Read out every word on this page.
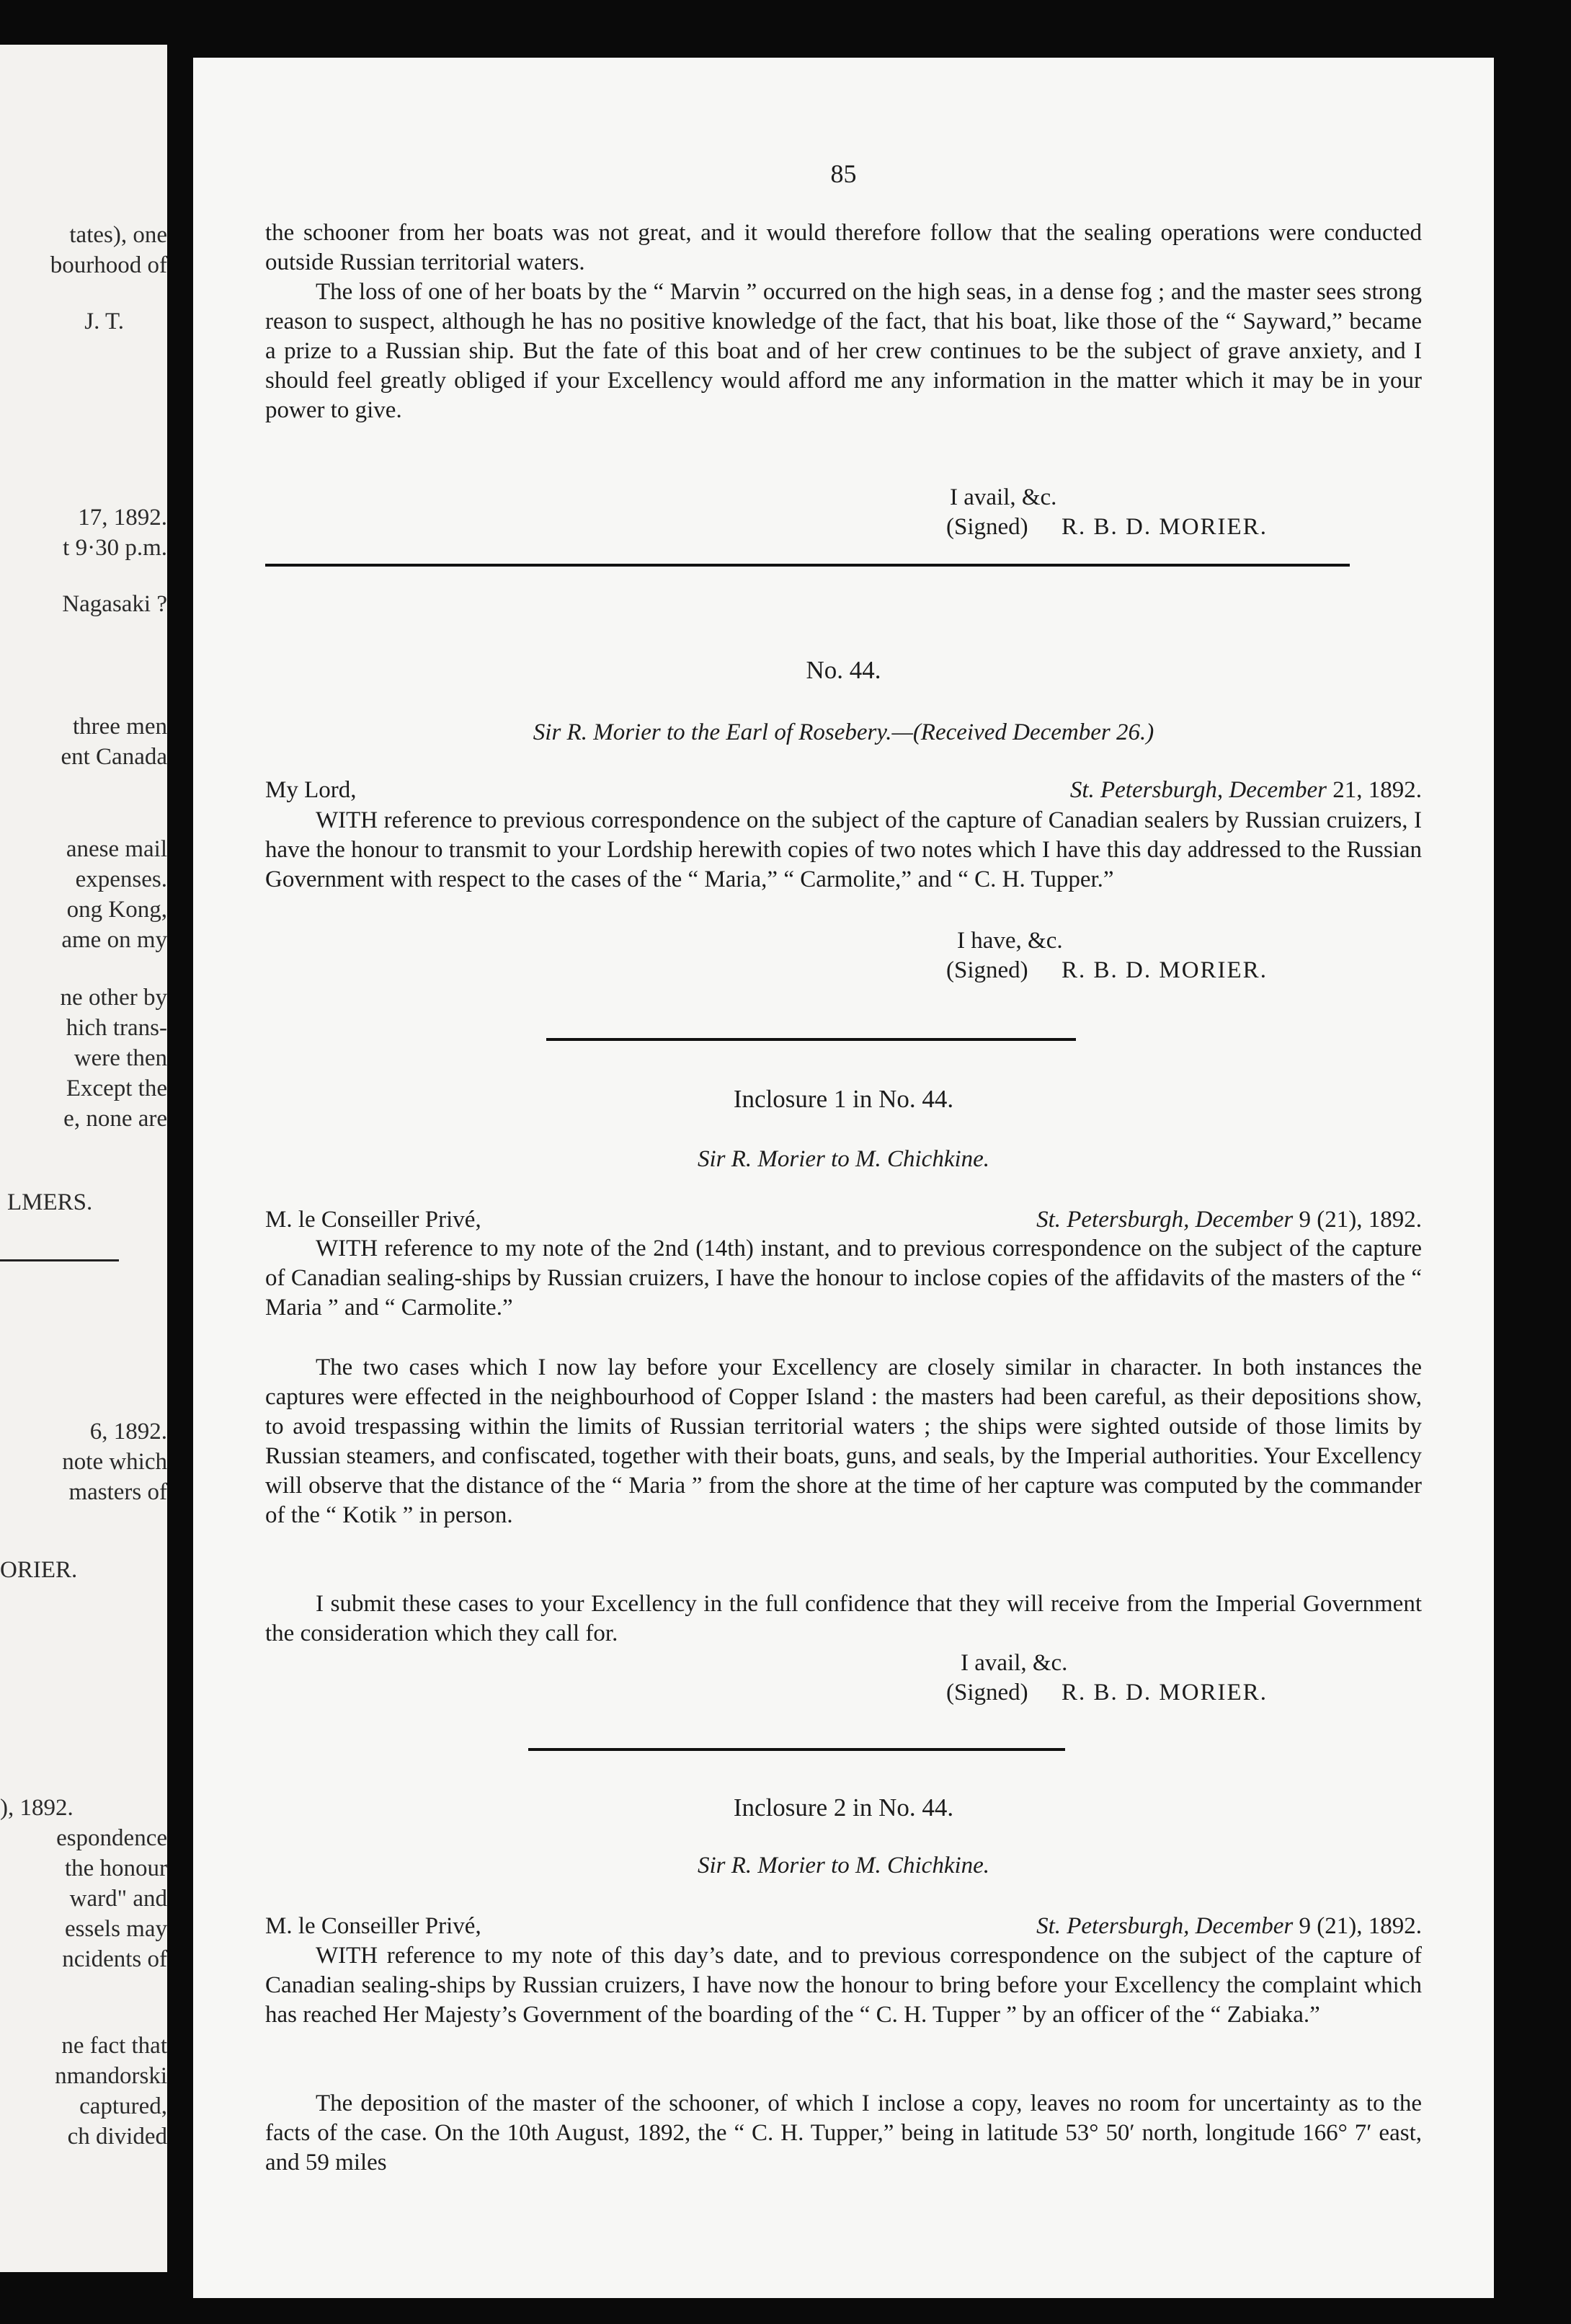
tates), one
bourhood of
J. T.
17, 1892.
t 9·30 p.m.
Nagasaki ?
three men
ent Canada
anese mail
expenses.
ong Kong,
ame on my
ne other by
hich trans-
were then
Except the
e, none are
LMERS.
6, 1892.
note which
masters of
ORIER.
), 1892.
espondence
the honour
ward" and
essels may
ncidents of
ne fact that
nmandorski
captured,
ch divided
85
the schooner from her boats was not great, and it would therefore follow that the sealing operations were conducted outside Russian territorial waters.
The loss of one of her boats by the “ Marvin ” occurred on the high seas, in a dense fog ; and the master sees strong reason to suspect, although he has no positive knowledge of the fact, that his boat, like those of the “ Sayward,” became a prize to a Russian ship. But the fate of this boat and of her crew continues to be the subject of grave anxiety, and I should feel greatly obliged if your Excellency would afford me any information in the matter which it may be in your power to give.
I avail, &c.
(Signed) R. B. D. MORIER.
No. 44.
Sir R. Morier to the Earl of Rosebery.—(Received December 26.)
My Lord,	St. Petersburgh, December 21, 1892.
WITH reference to previous correspondence on the subject of the capture of Canadian sealers by Russian cruizers, I have the honour to transmit to your Lordship herewith copies of two notes which I have this day addressed to the Russian Government with respect to the cases of the “ Maria,” “ Carmolite,” and “ C. H. Tupper.”
I have, &c.
(Signed) R. B. D. MORIER.
Inclosure 1 in No. 44.
Sir R. Morier to M. Chichkine.
M. le Conseiller Privé,	St. Petersburgh, December 9 (21), 1892.
WITH reference to my note of the 2nd (14th) instant, and to previous correspondence on the subject of the capture of Canadian sealing-ships by Russian cruizers, I have the honour to inclose copies of the affidavits of the masters of the “ Maria ” and “ Carmolite.”
The two cases which I now lay before your Excellency are closely similar in character. In both instances the captures were effected in the neighbourhood of Copper Island : the masters had been careful, as their depositions show, to avoid trespassing within the limits of Russian territorial waters ; the ships were sighted outside of those limits by Russian steamers, and confiscated, together with their boats, guns, and seals, by the Imperial authorities. Your Excellency will observe that the distance of the “ Maria ” from the shore at the time of her capture was computed by the commander of the “ Kotik ” in person.
I submit these cases to your Excellency in the full confidence that they will receive from the Imperial Government the consideration which they call for.
I avail, &c.
(Signed) R. B. D. MORIER.
Inclosure 2 in No. 44.
Sir R. Morier to M. Chichkine.
M. le Conseiller Privé,	St. Petersburgh, December 9 (21), 1892.
WITH reference to my note of this day’s date, and to previous correspondence on the subject of the capture of Canadian sealing-ships by Russian cruizers, I have now the honour to bring before your Excellency the complaint which has reached Her Majesty’s Government of the boarding of the “ C. H. Tupper ” by an officer of the “ Zabiaka.”
The deposition of the master of the schooner, of which I inclose a copy, leaves no room for uncertainty as to the facts of the case. On the 10th August, 1892, the “ C. H. Tupper,” being in latitude 53° 50′ north, longitude 166° 7′ east, and 59 miles
